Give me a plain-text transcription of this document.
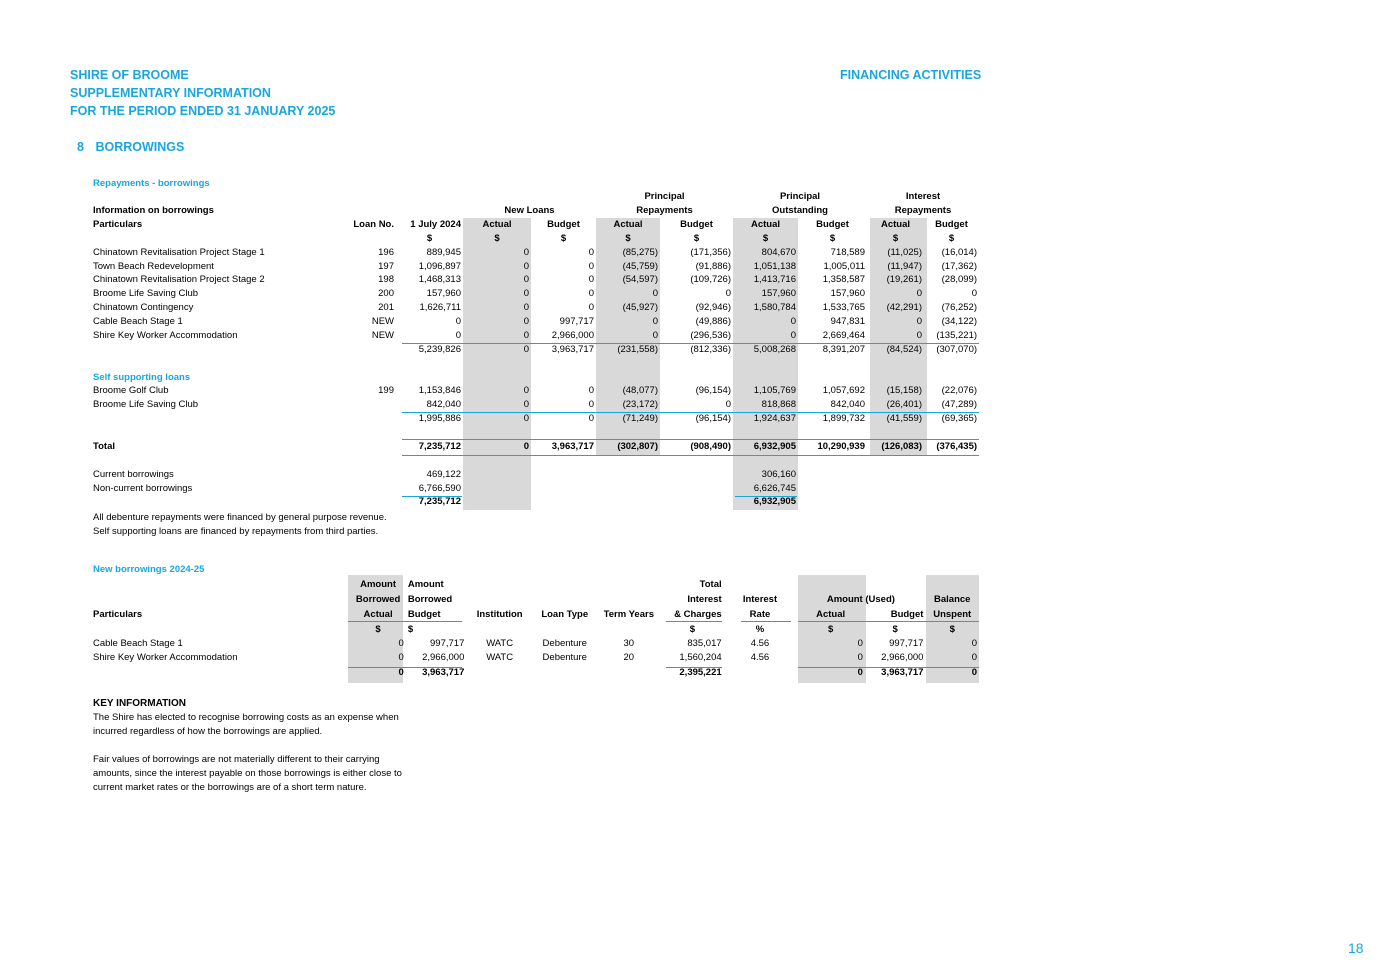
SHIRE OF BROOME
SUPPLEMENTARY INFORMATION
FOR THE PERIOD ENDED 31 JANUARY 2025
FINANCING ACTIVITIES
8 BORROWINGS
Repayments - borrowings
					Principal		Principal		Interest	
Information on borrowings			New Loans		Repayments		Outstanding		Repayments	
Particulars	Loan No.	1 July 2024	Actual	Budget	Actual	Budget	Actual	Budget	Actual	Budget
		$	$	$	$	$	$	$	$	$
Chinatown Revitalisation Project Stage 1	196	889,945	0	0	(85,275)	(171,356)	804,670	718,589	(11,025)	(16,014)
Town Beach Redevelopment	197	1,096,897	0	0	(45,759)	(91,886)	1,051,138	1,005,011	(11,947)	(17,362)
Chinatown Revitalisation Project Stage 2	198	1,468,313	0	0	(54,597)	(109,726)	1,413,716	1,358,587	(19,261)	(28,099)
Broome Life Saving Club	200	157,960	0	0	0	0	157,960	157,960	0	0
Chinatown Contingency	201	1,626,711	0	0	(45,927)	(92,946)	1,580,784	1,533,765	(42,291)	(76,252)
Cable Beach Stage 1	NEW	0	0	997,717	0	(49,886)	0	947,831	0	(34,122)
Shire Key Worker Accommodation	NEW	0	0	2,966,000	0	(296,536)	0	2,669,464	0	(135,221)
		5,239,826	0	3,963,717	(231,558)	(812,336)	5,008,268	8,391,207	(84,524)	(307,070)

Self supporting loans										
Broome Golf Club	199	1,153,846	0	0	(48,077)	(96,154)	1,105,769	1,057,692	(15,158)	(22,076)
Broome Life Saving Club		842,040	0	0	(23,172)	0	818,868	842,040	(26,401)	(47,289)
		1,995,886	0	0	(71,249)	(96,154)	1,924,637	1,899,732	(41,559)	(69,365)

Total		7,235,712	0	3,963,717	(302,807)	(908,490)	6,932,905	10,290,939	(126,083)	(376,435)

Current borrowings		469,122					306,160			
Non-current borrowings		6,766,590					6,626,745			
		7,235,712					6,932,905			
All debenture repayments were financed by general purpose revenue.
Self supporting loans are financed by repayments from third parties.
New borrowings 2024-25
	Amount	Amount				Total				
	Borrowed	Borrowed				Interest	Interest	Amount (Used)		Balance
Particulars	Actual	Budget	Institution	Loan Type	Term Years	& Charges	Rate	Actual	Budget	Unspent
	$	$				$	%	$	$	$
Cable Beach Stage 1	0	997,717	WATC	Debenture	30	835,017	4.56	0	997,717	0
Shire Key Worker Accommodation	0	2,966,000	WATC	Debenture	20	1,560,204	4.56	0	2,966,000	0
	0	3,963,717				2,395,221		0	3,963,717	0
KEY INFORMATION
The Shire has elected to recognise borrowing costs as an expense when
incurred regardless of how the borrowings are applied.
Fair values of borrowings are not materially different to their carrying
amounts, since the interest payable on those borrowings is either close to
current market rates or the borrowings are of a short term nature.
18
